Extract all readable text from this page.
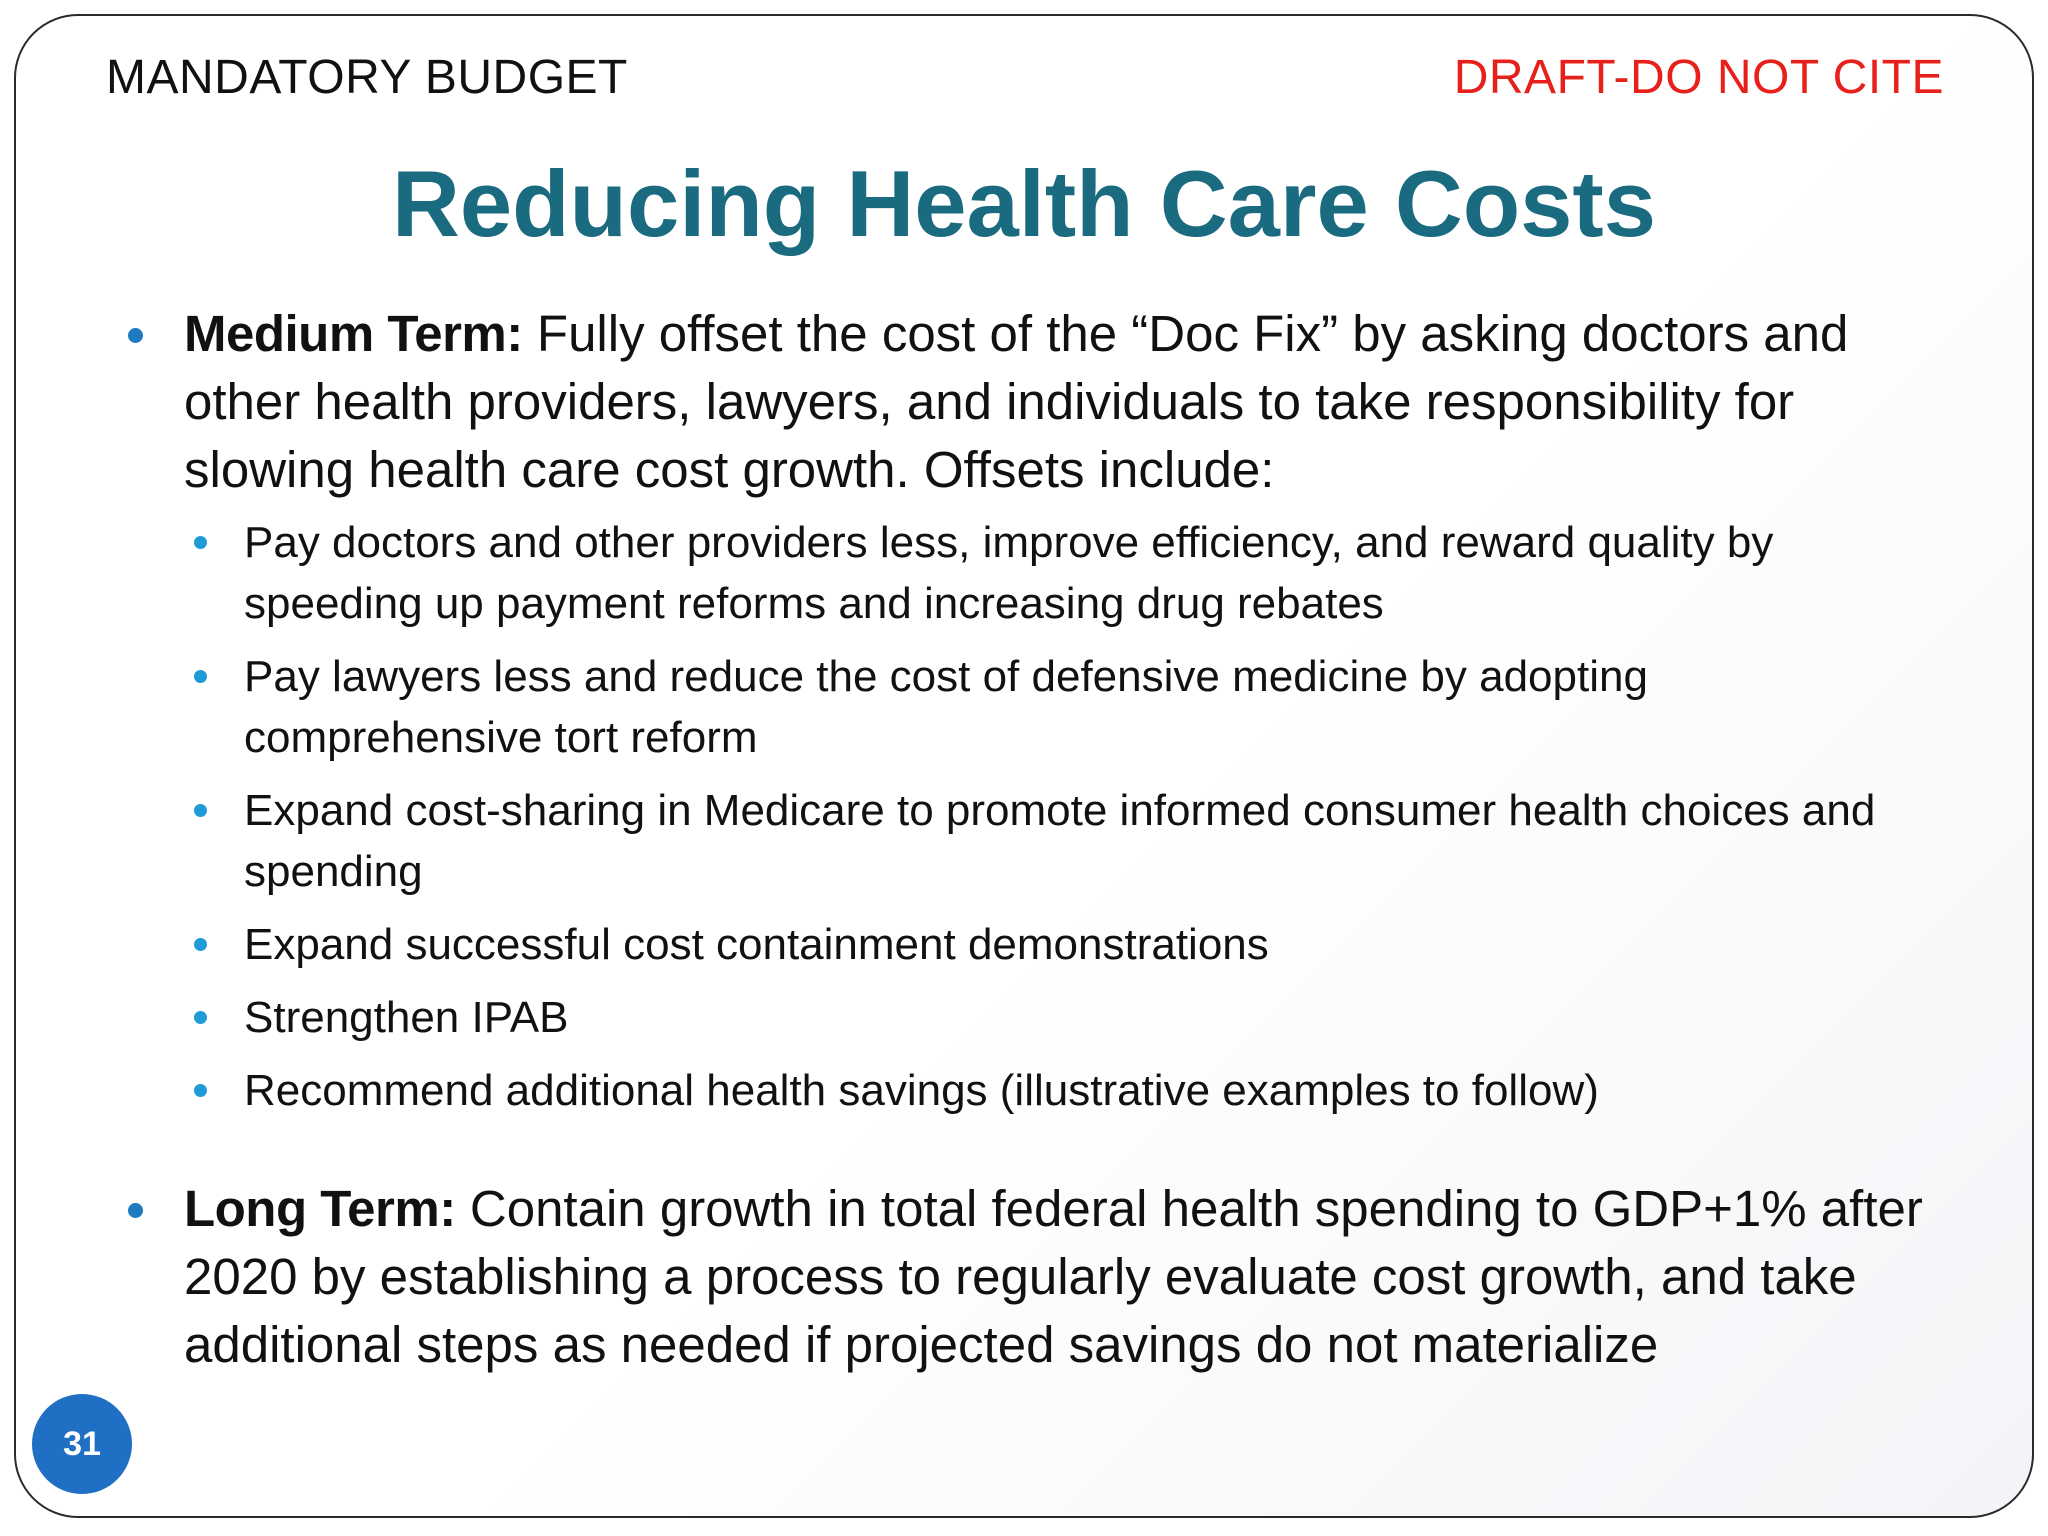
MANDATORY BUDGET	DRAFT-DO NOT CITE
Reducing Health Care Costs
Medium Term: Fully offset the cost of the “Doc Fix” by asking doctors and other health providers, lawyers, and individuals to take responsibility for slowing health care cost growth. Offsets include:
Pay doctors and other providers less, improve efficiency, and reward quality by speeding up payment reforms and increasing drug rebates
Pay lawyers less and reduce the cost of defensive medicine by adopting comprehensive tort reform
Expand cost-sharing in Medicare to promote informed consumer health choices and spending
Expand successful cost containment demonstrations
Strengthen IPAB
Recommend additional health savings (illustrative examples to follow)
Long Term: Contain growth in total federal health spending to GDP+1% after 2020 by establishing a process to regularly evaluate cost growth, and take additional steps as needed if projected savings do not materialize
31
